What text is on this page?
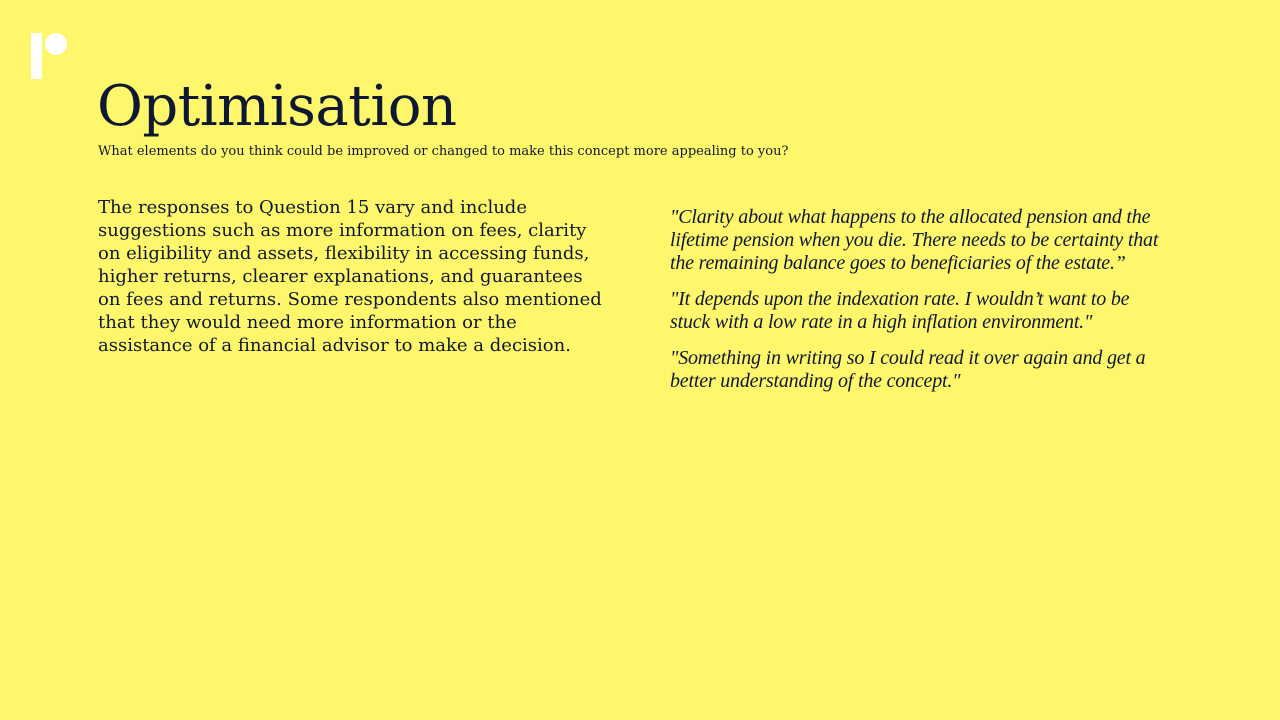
Optimisation

What elements do you think could be improved or changed to make this concept more appealing to you?

The responses to Question 15 vary and include suggestions such as more information on fees, clarity on eligibility and assets, flexibility in accessing funds, higher returns, clearer explanations, and guarantees on fees and returns. Some respondents also mentioned that they would need more information or the assistance of a financial advisor to make a decision.

"Clarity about what happens to the allocated pension and the lifetime pension when you die. There needs to be certainty that the remaining balance goes to beneficiaries of the estate.”

"It depends upon the indexation rate. I wouldn’t want to be stuck with a low rate in a high inflation environment."

"Something in writing so I could read it over again and get a better understanding of the concept."
